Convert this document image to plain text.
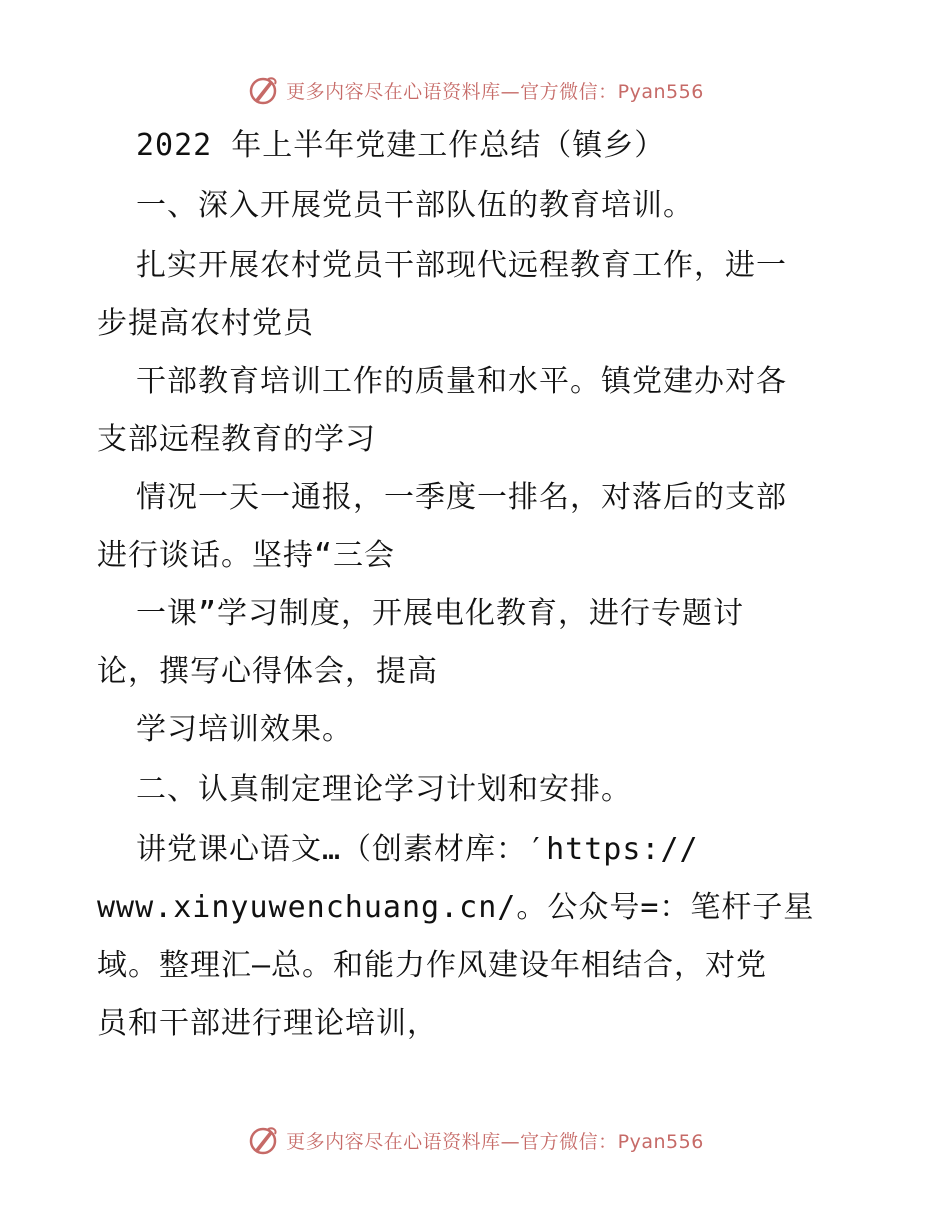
更多内容尽在心语资料库—官方微信：Pyan556
2022 年上半年党建工作总结（镇乡）
一、深入开展党员干部队伍的教育培训。
扎实开展农村党员干部现代远程教育工作，进一
步提高农村党员
干部教育培训工作的质量和水平。镇党建办对各
支部远程教育的学习
情况一天一通报，一季度一排名，对落后的支部
进行谈话。坚持“三会
一课”学习制度，开展电化教育，进行专题讨
论，撰写心得体会，提高
学习培训效果。
二、认真制定理论学习计划和安排。
讲党课心语文…（创素材库：′https://
www.xinyuwenchuang.cn/。公众号=：笔杆子星
域。整理汇—总。和能力作风建设年相结合，对党
员和干部进行理论培训，
更多内容尽在心语资料库—官方微信：Pyan556
